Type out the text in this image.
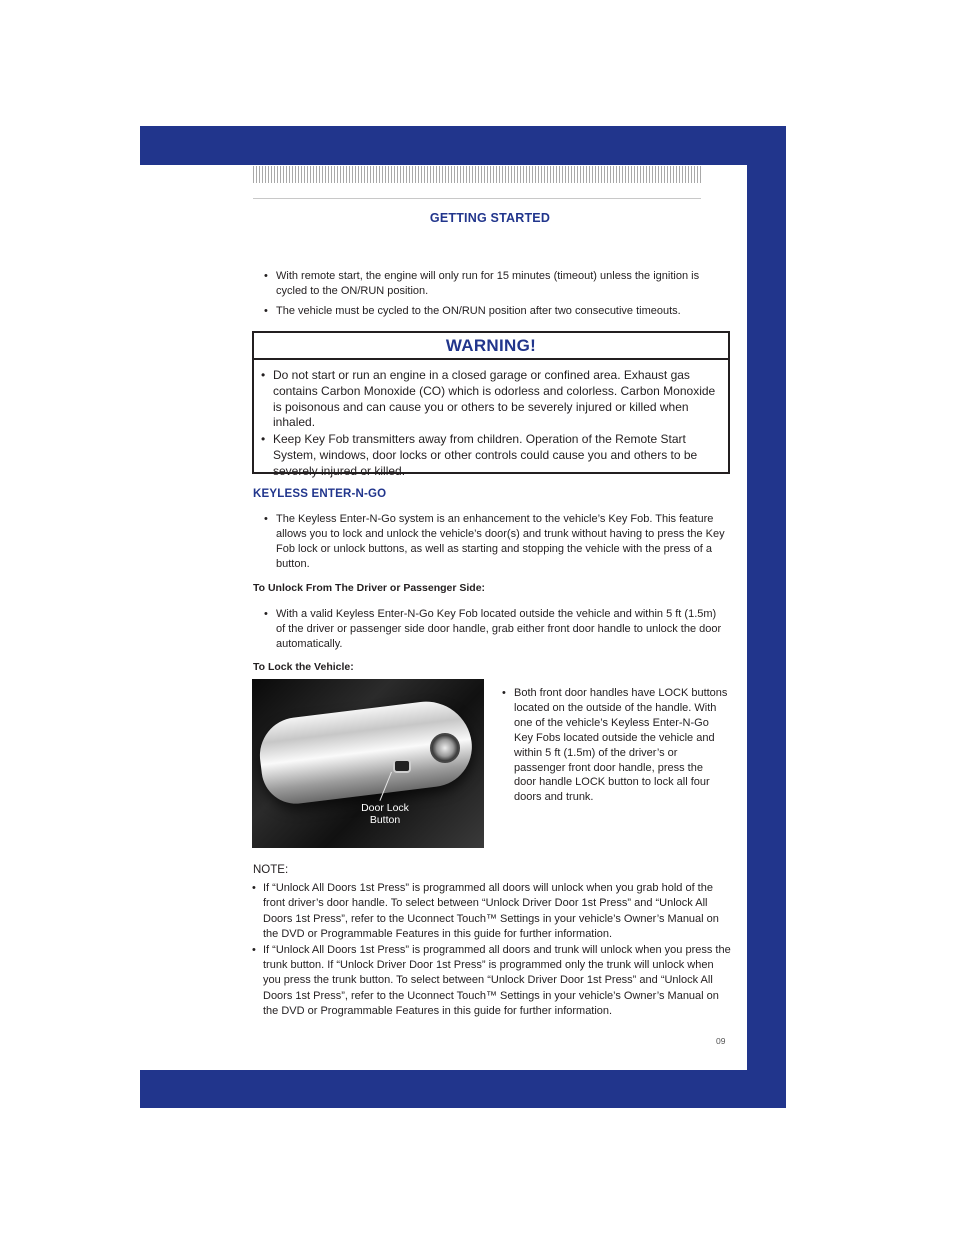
GETTING STARTED
• With remote start, the engine will only run for 15 minutes (timeout) unless the ignition is cycled to the ON/RUN position.
• The vehicle must be cycled to the ON/RUN position after two consecutive timeouts.
WARNING!
• Do not start or run an engine in a closed garage or confined area. Exhaust gas contains Carbon Monoxide (CO) which is odorless and colorless. Carbon Monoxide is poisonous and can cause you or others to be severely injured or killed when inhaled.
• Keep Key Fob transmitters away from children. Operation of the Remote Start System, windows, door locks or other controls could cause you and others to be severely injured or killed.
KEYLESS ENTER-N-GO
• The Keyless Enter-N-Go system is an enhancement to the vehicle’s Key Fob. This feature allows you to lock and unlock the vehicle’s door(s) and trunk without having to press the Key Fob lock or unlock buttons, as well as starting and stopping the vehicle with the press of a button.
To Unlock From The Driver or Passenger Side:
• With a valid Keyless Enter-N-Go Key Fob located outside the vehicle and within 5 ft (1.5m) of the driver or passenger side door handle, grab either front door handle to unlock the door automatically.
To Lock the Vehicle:
Door Lock Button
• Both front door handles have LOCK buttons located on the outside of the handle. With one of the vehicle’s Keyless Enter-N-Go Key Fobs located outside the vehicle and within 5 ft (1.5m) of the driver’s or passenger front door handle, press the door handle LOCK button to lock all four doors and trunk.
NOTE:
• If “Unlock All Doors 1st Press” is programmed all doors will unlock when you grab hold of the front driver’s door handle. To select between “Unlock Driver Door 1st Press” and “Unlock All Doors 1st Press”, refer to the Uconnect Touch™ Settings in your vehicle’s Owner’s Manual on the DVD or Programmable Features in this guide for further information.
• If “Unlock All Doors 1st Press” is programmed all doors and trunk will unlock when you press the trunk button. If “Unlock Driver Door 1st Press” is programmed only the trunk will unlock when you press the trunk button. To select between “Unlock Driver Door 1st Press” and “Unlock All Doors 1st Press”, refer to the Uconnect Touch™ Settings in your vehicle’s Owner’s Manual on the DVD or Programmable Features in this guide for further information.
09
